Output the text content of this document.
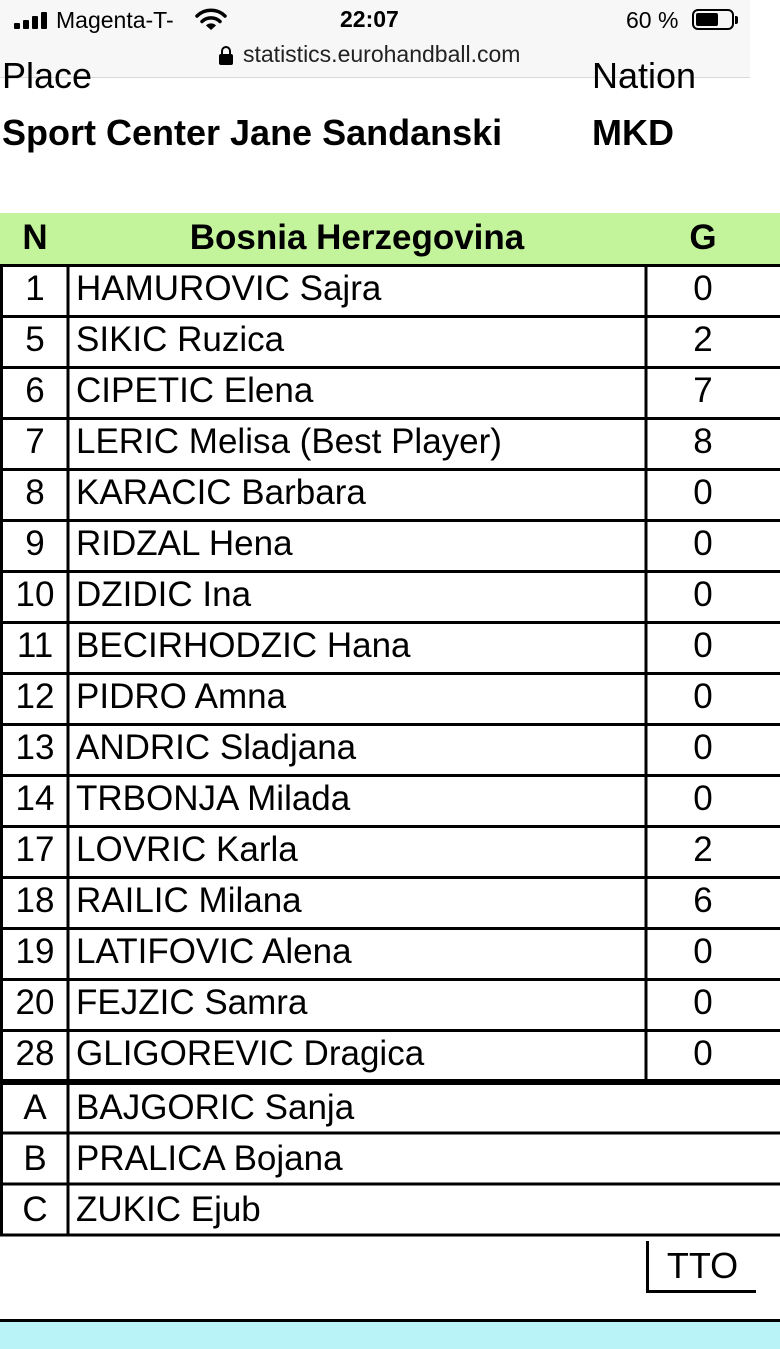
Magenta-T-	22:07	60 %
statistics.eurohandball.com
Place	Nation
Sport Center Jane Sandanski MKD
N	Bosnia Herzegovina	G
1 HAMUROVIC Sajra	0
5 SIKIC Ruzica	2
6 CIPETIC Elena	7
7 LERIC Melisa (Best Player)	8
8 KARACIC Barbara	0
9 RIDZAL Hena	0
10 DZIDIC Ina	0
11 BECIRHODZIC Hana	0
12 PIDRO Amna	0
13 ANDRIC Sladjana	0
14 TRBONJA Milada	0
17 LOVRIC Karla	2
18 RAILIC Milana	6
19 LATIFOVIC Alena	0
20 FEJZIC Samra	0
28 GLIGOREVIC Dragica	0
A BAJGORIC Sanja
B PRALICA Bojana
C ZUKIC Ejub
TTO
